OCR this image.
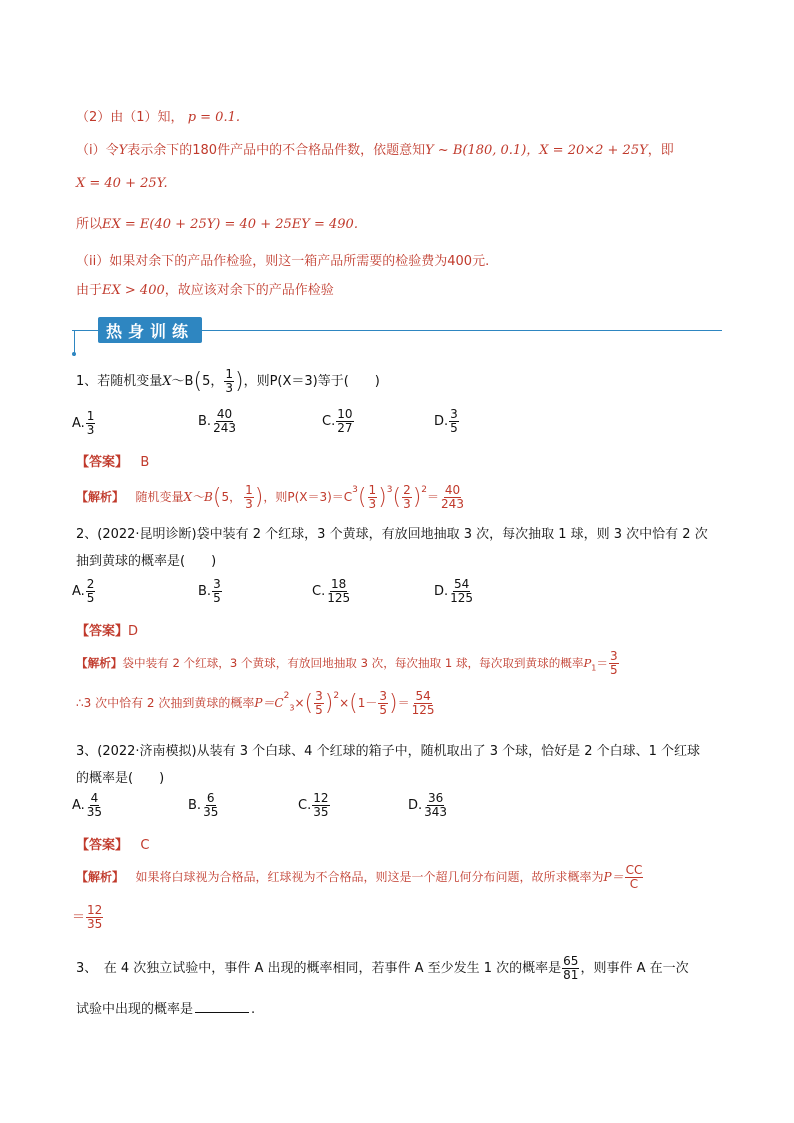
（2）由（1）知， p = 0.1.
（i）令Y表示余下的180件产品中的不合格品件数，依题意知Y ~ B(180, 0.1)，X = 20×2 + 25Y，即
X = 40 + 25Y.
所以EX = E(40 + 25Y) = 40 + 25EY = 490.
（ii）如果对余下的产品作检验，则这一箱产品所需要的检验费为400元.
由于EX > 400，故应该对余下的产品作检验
热身训练
1、若随机变量X～B(5， $\frac{1}{3}$ )，则P(X＝3)等于(　　)
A. $\frac{1}{3}$	B. $\frac{40}{243}$	C. $\frac{10}{27}$	D. $\frac{3}{5}$
【答案】 B
【解析】 随机变量X～B(5， $\frac{1}{3}$ )，则$P(X=3)=C^3( \frac{1}{3} )^3( \frac{2}{3} )^2= \frac{40}{243}$
2、(2022·昆明诊断)袋中装有 2 个红球，3 个黄球，有放回地抽取 3 次，每次抽取 1 球，则 3 次中恰有 2 次
抽到黄球的概率是(　　)
A. $\frac{2}{5}$	B. $\frac{3}{5}$	C. $\frac{18}{125}$	D. $\frac{54}{125}$
【答案】D
【解析】袋中装有 2 个红球，3 个黄球，有放回地抽取 3 次，每次抽取 1 球，每次取到黄球的概率$P_1= \frac{3}{5}$
∴3 次中恰有 2 次抽到黄球的概率$P=C^2_3\times( \frac{3}{5} )^2\times(1- \frac{3}{5}$ )＝ $\frac{54}{125}$
3、(2022·济南模拟)从装有 3 个白球、4 个红球的箱子中，随机取出了 3 个球，恰好是 2 个白球、1 个红球
的概率是(　　)
A. $\frac{4}{35}$	B. $\frac{6}{35}$	C. $\frac{12}{35}$	D. $\frac{36}{343}$
【答案】 C
【解析】 如果将白球视为合格品，红球视为不合格品，则这是一个超几何分布问题，故所求概率为$P= \frac{CC}{C}$
＝ $\frac{12}{35}$
3、　在 4 次独立试验中，事件 A 出现的概率相同，若事件 A 至少发生 1 次的概率是 $\frac{65}{81}$ ，则事件 A 在一次
试验中出现的概率是	.
